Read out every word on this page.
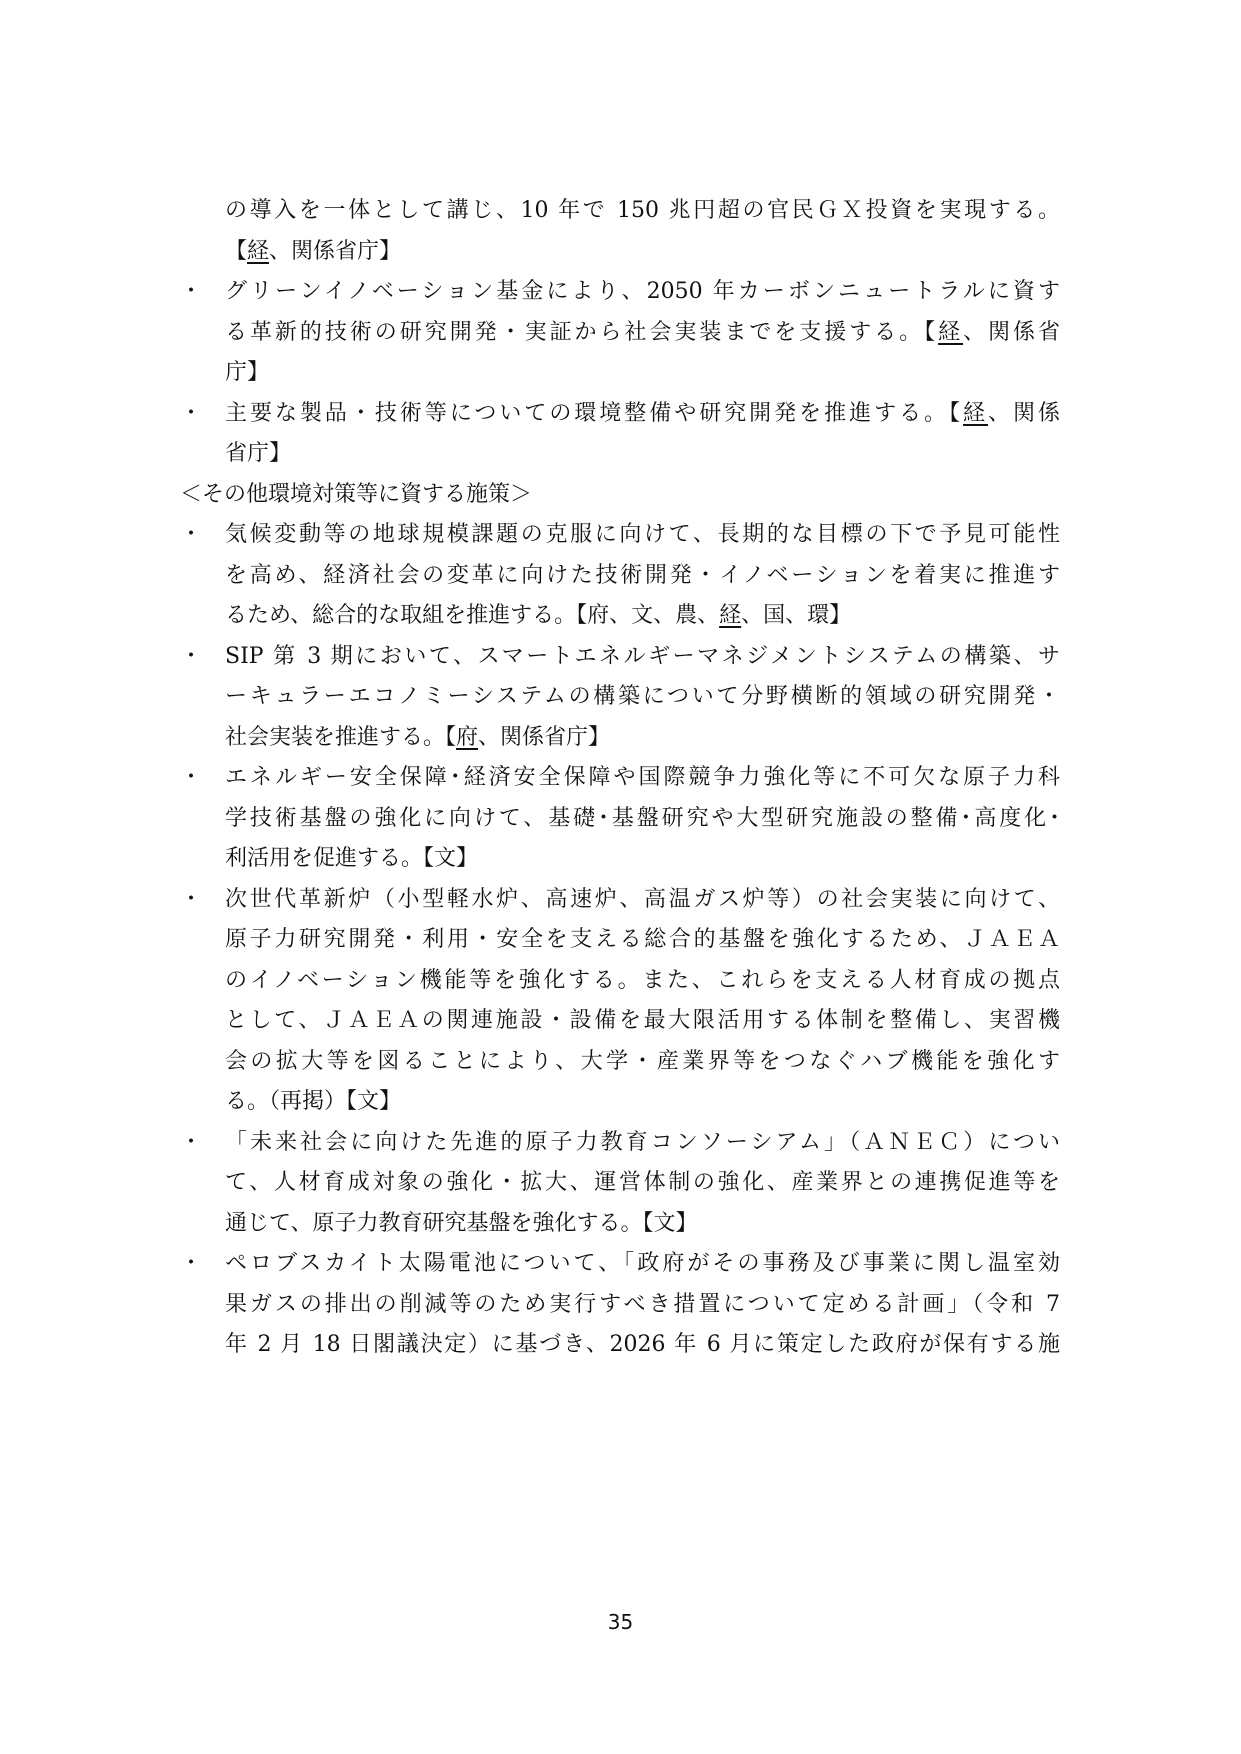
の導入を一体として講じ、10 年で 150 兆円超の官民ＧＸ投資を実現する。
【経、関係省庁】
・ グリーンイノベーション基金により、2050 年カーボンニュートラルに資す
る革新的技術の研究開発・実証から社会実装までを支援する。【経、関係省
庁】
・ 主要な製品・技術等についての環境整備や研究開発を推進する。【経、関係
省庁】
＜その他環境対策等に資する施策＞
・ 気候変動等の地球規模課題の克服に向けて、長期的な目標の下で予見可能性
を高め、経済社会の変革に向けた技術開発・イノベーションを着実に推進す
るため、総合的な取組を推進する。【府、文、農、経、国、環】
・ SIP 第 3 期において、スマートエネルギーマネジメントシステムの構築、サ
ーキュラーエコノミーシステムの構築について分野横断的領域の研究開発・
社会実装を推進する。【府、関係省庁】
・ エネルギー安全保障･経済安全保障や国際競争力強化等に不可欠な原子力科
学技術基盤の強化に向けて、基礎･基盤研究や大型研究施設の整備･高度化･
利活用を促進する。【文】
・ 次世代革新炉（小型軽水炉、高速炉、高温ガス炉等）の社会実装に向けて、
原子力研究開発・利用・安全を支える総合的基盤を強化するため、ＪＡＥＡ
のイノベーション機能等を強化する。また、これらを支える人材育成の拠点
として、ＪＡＥＡの関連施設・設備を最大限活用する体制を整備し、実習機
会の拡大等を図ることにより、大学・産業界等をつなぐハブ機能を強化す
る。（再掲）【文】
・ 「未来社会に向けた先進的原子力教育コンソーシアム」（ＡＮＥＣ）につい
て、人材育成対象の強化・拡大、運営体制の強化、産業界との連携促進等を
通じて、原子力教育研究基盤を強化する。【文】
・ ペロブスカイト太陽電池について、「政府がその事務及び事業に関し温室効
果ガスの排出の削減等のため実行すべき措置について定める計画」（令和 7
年 2 月 18 日閣議決定）に基づき、2026 年 6 月に策定した政府が保有する施
35
